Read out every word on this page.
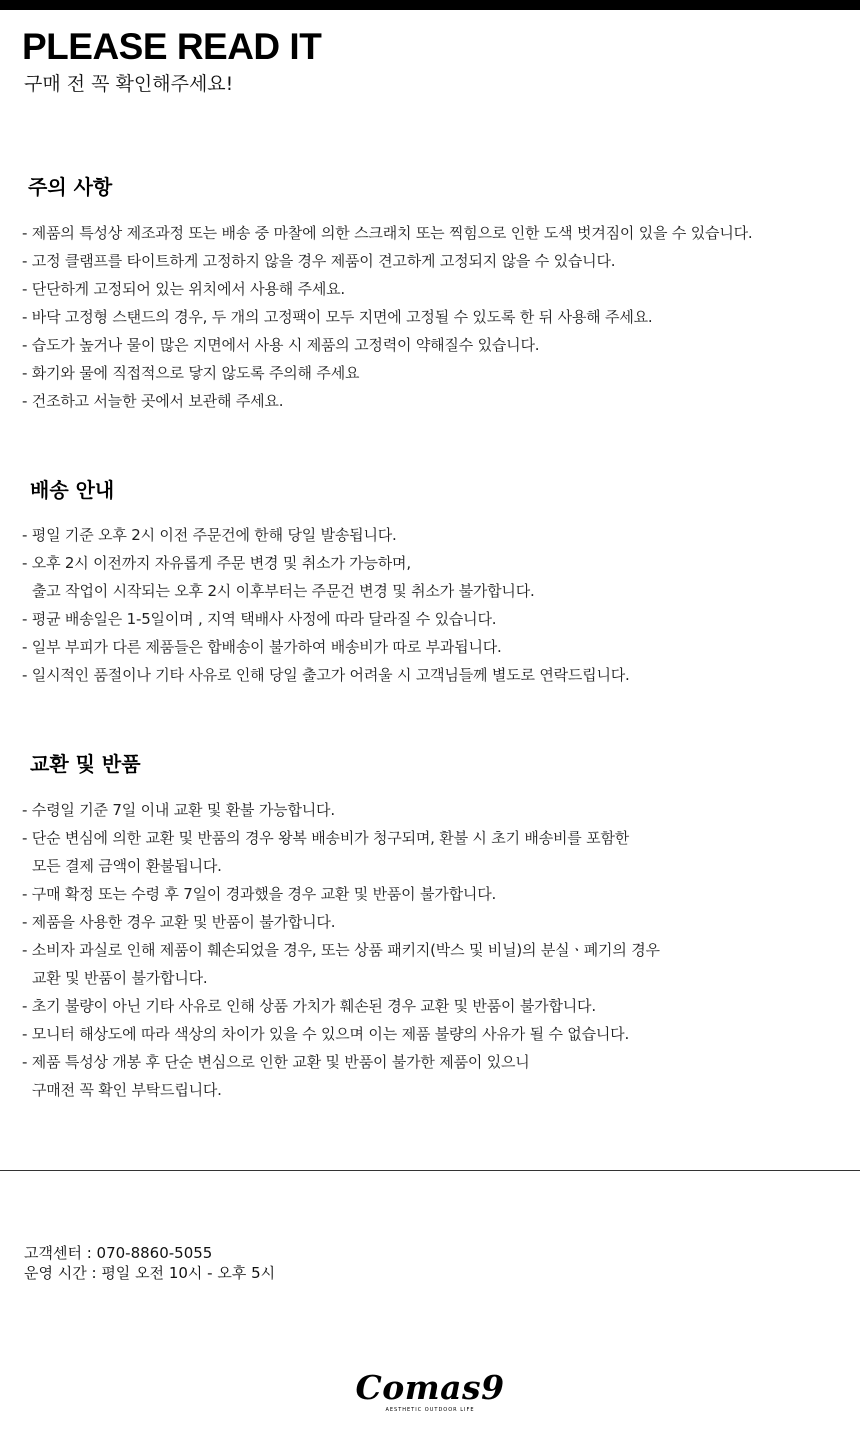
PLEASE READ IT
구매 전 꼭 확인해주세요!
주의 사항
- 제품의 특성상 제조과정 또는 배송 중 마찰에 의한 스크래치 또는 찍힘으로 인한 도색 벗겨짐이 있을 수 있습니다.
- 고정 클램프를 타이트하게 고정하지 않을 경우 제품이 견고하게 고정되지 않을 수 있습니다.
- 단단하게 고정되어 있는 위치에서 사용해 주세요.
- 바닥 고정형 스탠드의 경우, 두 개의 고정팩이 모두 지면에 고정될 수 있도록 한 뒤 사용해 주세요.
- 습도가 높거나 물이 많은 지면에서 사용 시 제품의 고정력이 약해질수 있습니다.
- 화기와 물에 직접적으로 닿지 않도록 주의해 주세요
- 건조하고 서늘한 곳에서 보관해 주세요.
배송 안내
- 평일 기준 오후 2시 이전 주문건에 한해 당일 발송됩니다.
- 오후 2시 이전까지 자유롭게 주문 변경 및 취소가 가능하며,
출고 작업이 시작되는 오후 2시 이후부터는 주문건 변경 및 취소가 불가합니다.
- 평균 배송일은 1-5일이며 , 지역 택배사 사정에 따라 달라질 수 있습니다.
- 일부 부피가 다른 제품들은 합배송이 불가하여 배송비가 따로 부과됩니다.
- 일시적인 품절이나 기타 사유로 인해 당일 출고가 어려울 시 고객님들께 별도로 연락드립니다.
교환 및 반품
- 수령일 기준 7일 이내 교환 및 환불 가능합니다.
- 단순 변심에 의한 교환 및 반품의 경우 왕복 배송비가 청구되며, 환불 시 초기 배송비를 포함한
모든 결제 금액이 환불됩니다.
- 구매 확정 또는 수령 후 7일이 경과했을 경우 교환 및 반품이 불가합니다.
- 제품을 사용한 경우 교환 및 반품이 불가합니다.
- 소비자 과실로 인해 제품이 훼손되었을 경우, 또는 상품 패키지(박스 및 비닐)의 분실ㆍ폐기의 경우
교환 및 반품이 불가합니다.
- 초기 불량이 아닌 기타 사유로 인해 상품 가치가 훼손된 경우 교환 및 반품이 불가합니다.
- 모니터 해상도에 따라 색상의 차이가 있을 수 있으며 이는 제품 불량의 사유가 될 수 없습니다.
- 제품 특성상 개봉 후 단순 변심으로 인한 교환 및 반품이 불가한 제품이 있으니
구매전 꼭 확인 부탁드립니다.
고객센터 : 070-8860-5055
운영 시간 : 평일 오전 10시 - 오후 5시
Comas9
AESTHETIC OUTDOOR LIFE
